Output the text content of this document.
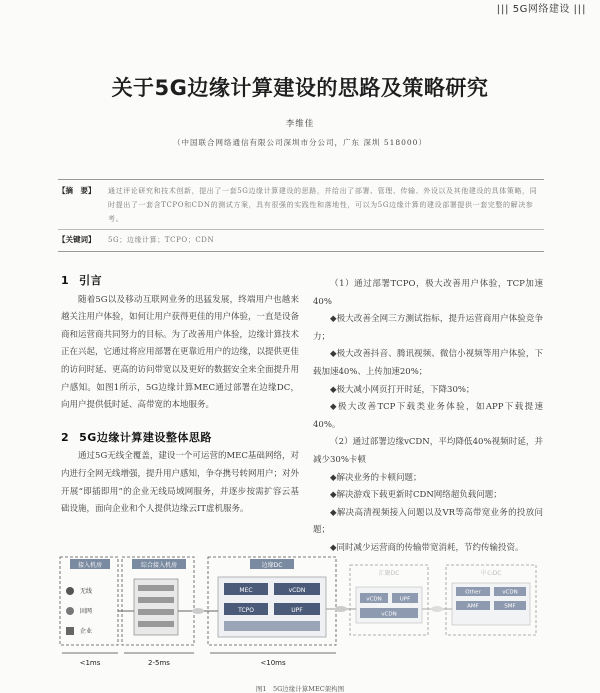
||| 5G网络建设 |||
关于5G边缘计算建设的思路及策略研究
李维佳
（中国联合网络通信有限公司深圳市分公司，广东 深圳 518000）
【摘　要】	通过评论研究和技术创新，提出了一套5G边缘计算建设的思路，并给出了部署、管理、传输、外设以及其他建设的具体策略，同时提出了一套含TCPO和CDN的测试方案，具有很强的实践性和落地性，可以为5G边缘计算的建设部署提供一套完整的解决参考。
【关键词】	5G；边缘计算；TCPO；CDN
1 引言

随着5G以及移动互联网业务的迅猛发展，终端用户也越来越关注用户体验，如何让用户获得更佳的用户体验，一直是设备商和运营商共同努力的目标。为了改善用户体验，边缘计算技术正在兴起，它通过将应用部署在更靠近用户的边缘，以提供更佳的访问时延、更高的访问带宽以及更好的数据安全来全面提升用户感知。如图1所示，5G边缘计算MEC通过部署在边缘DC，向用户提供低时延、高带宽的本地服务。

2 5G边缘计算建设整体思路

通过5G无线全覆盖，建设一个可运营的MEC基础网络，对内进行全网无线增强，提升用户感知，争夺携号转网用户；对外开展“即插即用”的企业无线局域网服务，并逐步按需扩容云基础设施，面向企业和个人提供边缘云IT虚机服务。

（1）通过部署TCPO，极大改善用户体验，TCP加速40%

◆极大改善全网三方测试指标，提升运营商用户体验竞争力；

◆极大改善抖音、腾讯视频、微信小视频等用户体验，下载加速40%、上传加速20%；

◆极大减小网页打开时延，下降30%；

◆极大改善TCP下载类业务体验，如APP下载提速40%。

（2）通过部署边缘vCDN，平均降低40%视频时延，并减少30%卡顿

◆解决业务的卡顿问题；

◆解决游戏下载更新时CDN网络超负载问题；

◆解决高清视频接入问题以及VR等高带宽业务的投放问题；

◆同时减少运营商的传输带宽消耗，节约传输投资。

接入机房	综合接入机房	边缘DC
汇聚DC	中心DC
无线
固网
企业
MEC	vCDN
TCPO	UPF
vCDN	UPF
vCDN
Other	vCDN
AMF	SMF
<1ms	2-5ms	<10ms
图1　5G边缘计算MEC架构图
